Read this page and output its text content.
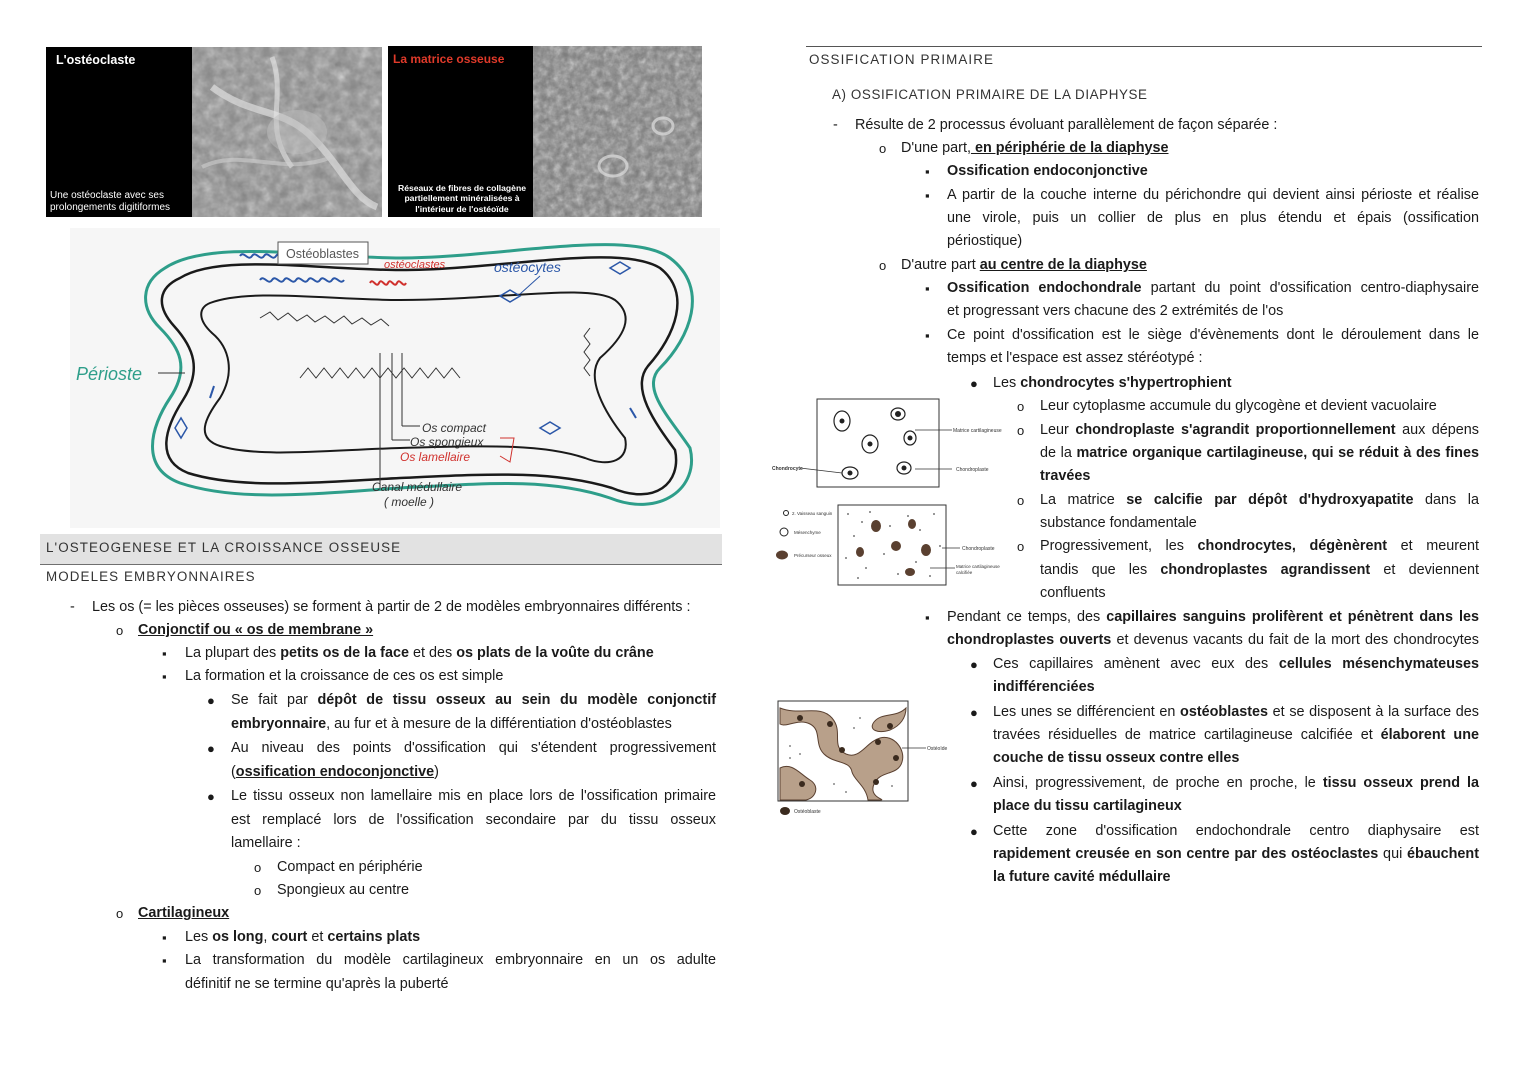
L'ostéoclaste
Une ostéoclaste avec ses
prolongements digitiformes
La matrice osseuse
Réseaux de fibres de collagène
partiellement minéralisées à
l'intérieur de l'ostéoïde
Ostéoblastes
ostéoclastes	ostéocytes
Périoste
Os compact
Os spongieux
Os lamellaire
Canal médullaire
( moelle )
L'OSTEOGENESE ET LA CROISSANCE OSSEUSE
MODELES EMBRYONNAIRES
- Les os (= les pièces osseuses) se forment à partir de 2 de modèles embryonnaires différents :
o Conjonctif ou « os de membrane »
▪ La plupart des petits os de la face et des os plats de la voûte du crâne
▪ La formation et la croissance de ces os est simple
● Se fait par dépôt de tissu osseux au sein du modèle conjonctif
embryonnaire, au fur et à mesure de la différentiation d'ostéoblastes
● Au niveau des points d'ossification qui s'étendent progressivement
(ossification endoconjonctive)
● Le tissu osseux non lamellaire mis en place lors de l'ossification primaire
est remplacé lors de l'ossification secondaire par du tissu osseux
lamellaire :
o Compact en périphérie
o Spongieux au centre
o Cartilagineux
▪ Les os long, court et certains plats
▪ La transformation du modèle cartilagineux embryonnaire en un os adulte
définitif ne se termine qu'après la puberté
OSSIFICATION PRIMAIRE
A) OSSIFICATION PRIMAIRE DE LA DIAPHYSE
- Résulte de 2 processus évoluant parallèlement de façon séparée :
o D'une part, en périphérie de la diaphyse
▪ Ossification endoconjonctive
▪ A partir de la couche interne du périchondre qui devient ainsi périoste et réalise
une virole, puis un collier de plus en plus étendu et épais (ossification
périostique)
o D'autre part au centre de la diaphyse
▪ Ossification endochondrale partant du point d'ossification centro-diaphysaire
et progressant vers chacune des 2 extrémités de l'os
▪ Ce point d'ossification est le siège d'évènements dont le déroulement dans le
temps et l'espace est assez stéréotypé :
● Les chondrocytes s'hypertrophient
o Leur cytoplasme accumule du glycogène et devient vacuolaire
o Leur chondroplaste s'agrandit proportionnellement aux dépens
de la matrice organique cartilagineuse, qui se réduit à des fines
travées
o La matrice se calcifie par dépôt d'hydroxyapatite dans la
substance fondamentale
o Progressivement, les chondrocytes, dégènèrent et meurent
tandis que les chondroplastes agrandissent et deviennent
confluents
▪ Pendant ce temps, des capillaires sanguins prolifèrent et pénètrent dans les
chondroplastes ouverts et devenus vacants du fait de la mort des chondrocytes
● Ces capillaires amènent avec eux des cellules mésenchymateuses
indifférenciées
● Les unes se différencient en ostéoblastes et se disposent à la surface des
travées résiduelles de matrice cartilagineuse calcifiée et élaborent une
couche de tissu osseux contre elles
● Ainsi, progressivement, de proche en proche, le tissu osseux prend la
place du tissu cartilagineux
● Cette zone d'ossification endochondrale centro diaphysaire est
rapidement creusée en son centre par des ostéoclastes qui ébauchent
la future cavité médullaire
Matrice cartilagineuse
Chondroplaste
Chondrocyte
2. Vaisseau sanguin
Mésenchyme
Précurseur osseux
Chondroplaste
Matrice cartilagineuse
calcifiée
Ostéoïde
Ostéoblaste
